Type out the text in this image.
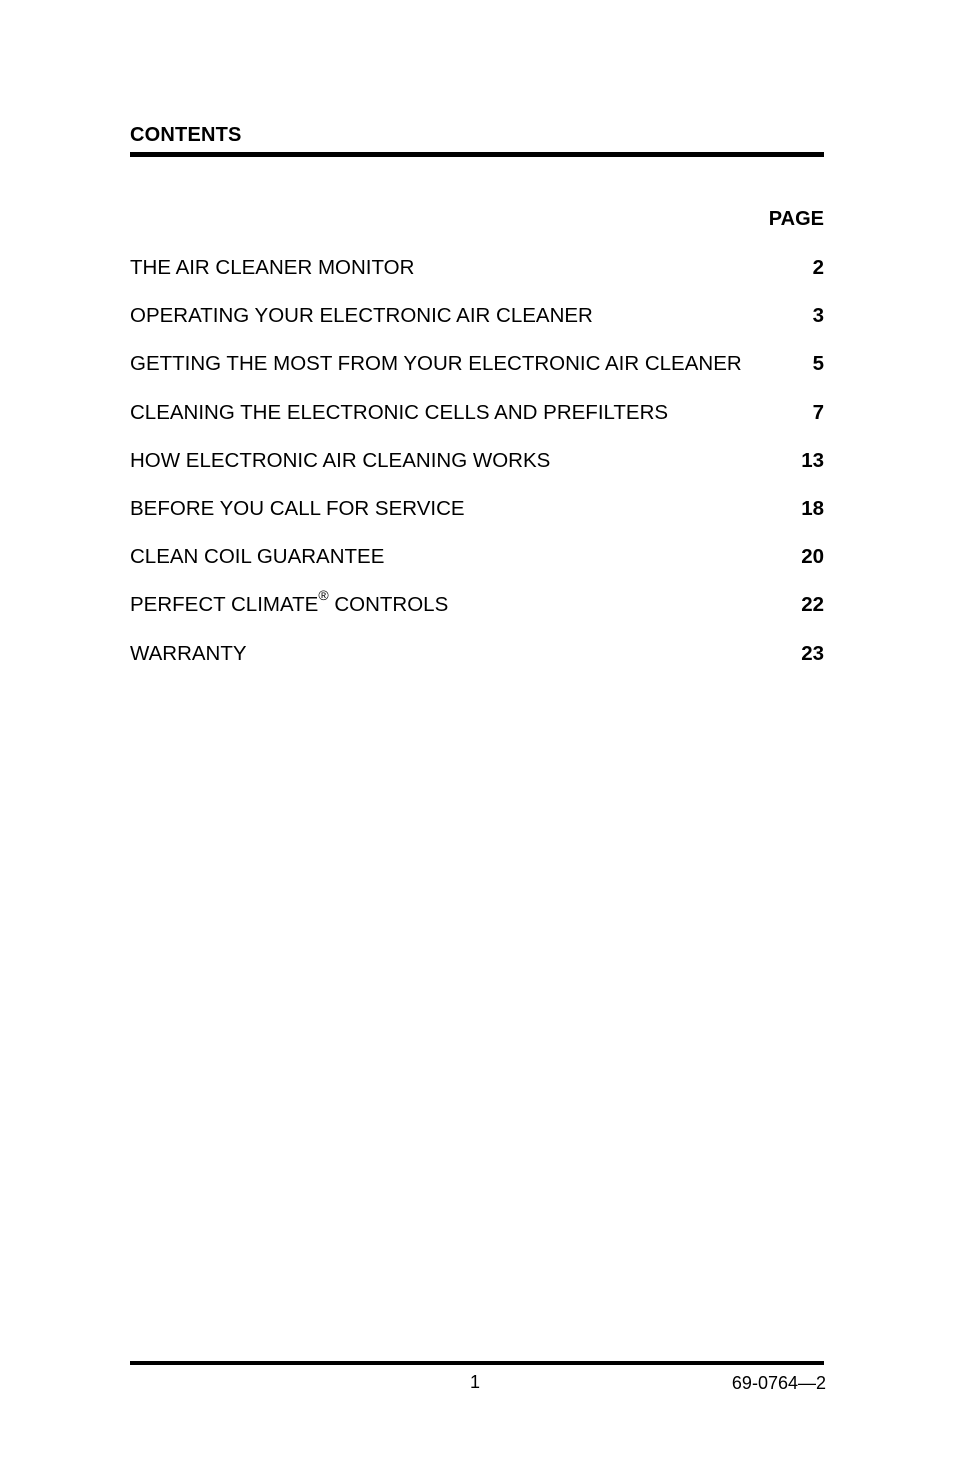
CONTENTS
PAGE
THE AIR CLEANER MONITOR	2
OPERATING YOUR ELECTRONIC AIR CLEANER	3
GETTING THE MOST FROM YOUR ELECTRONIC AIR CLEANER	5
CLEANING THE ELECTRONIC CELLS AND PREFILTERS	7
HOW ELECTRONIC AIR CLEANING WORKS	13
BEFORE YOU CALL FOR SERVICE	18
CLEAN COIL GUARANTEE	20
PERFECT CLIMATE® CONTROLS	22
WARRANTY	23
1	69-0764—2
